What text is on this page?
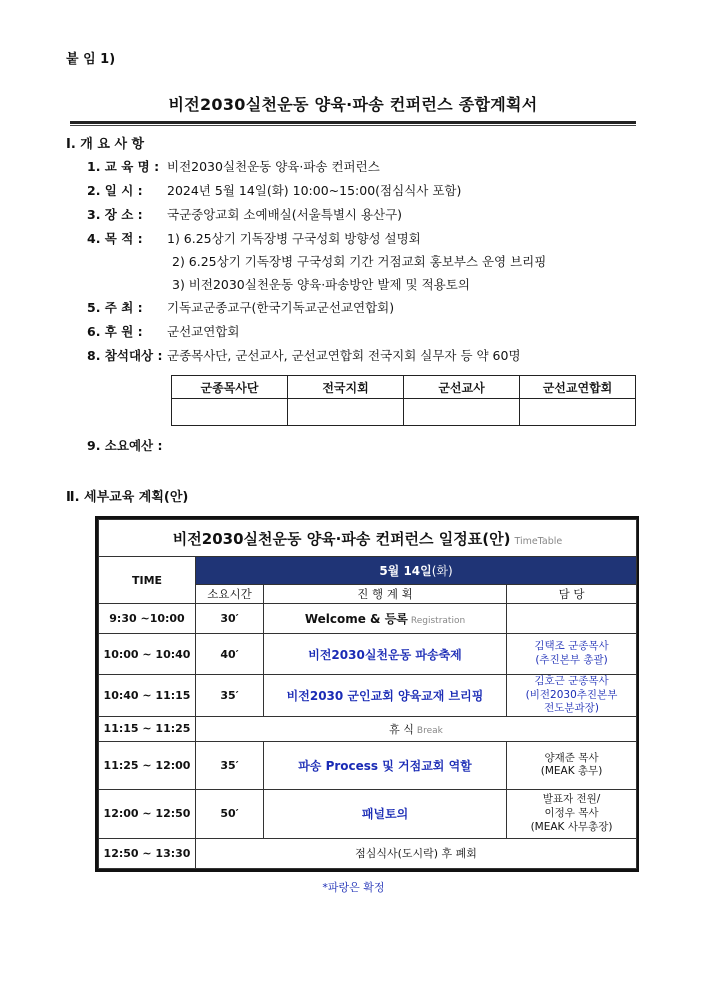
붙 임 1)
비전2030실천운동 양육·파송 컨퍼런스 종합계획서
Ⅰ. 개 요 사 항
1. 교 육 명 : 비전2030실천운동 양육·파송 컨퍼런스
2. 일 시 : 2024년 5월 14일(화) 10:00~15:00(점심식사 포함)
3. 장 소 : 국군중앙교회 소예배실(서울특별시 용산구)
4. 목 적 : 1) 6.25상기 기독장병 구국성회 방향성 설명회
2) 6.25상기 기독장병 구국성회 기간 거점교회 홍보부스 운영 브리핑
3) 비전2030실천운동 양육·파송방안 발제 및 적용토의
5. 주 최 : 기독교군종교구(한국기독교군선교연합회)
6. 후 원 : 군선교연합회
8. 참석대상 : 군종목사단, 군선교사, 군선교연합회 전국지회 실무자 등 약 60명
군종목사단	전국지회	군선교사	군선교연합회

9. 소요예산 :
Ⅱ. 세부교육 계획(안)
비전2030실천운동 양육·파송 컨퍼런스 일정표(안) TimeTable			
TIME	5월 14일(화)		
	소요시간	진 행 계 획	담 당
9:30 ~10:00	30′	Welcome & 등록 Registration	
10:00 ~ 10:40	40′	비전2030실천운동 파송축제	김택조 군종목사
(추진본부 총괄)

10:40 ~ 11:15	35′	비전2030 군인교회 양육교재 브리핑	김호근 군종목사
(비전2030추진본부
전도분과장)

11:15 ~ 11:25	휴 식 Break		
11:25 ~ 12:00	35′	파송 Process 및 거점교회 역할	양재준 목사
(MEAK 총무)

12:00 ~ 12:50	50′	패널토의	발표자 전원/
이정우 목사
(MEAK 사무총장)

12:50 ~ 13:30	점심식사(도시락) 후 폐회		
*파랑은 확정
